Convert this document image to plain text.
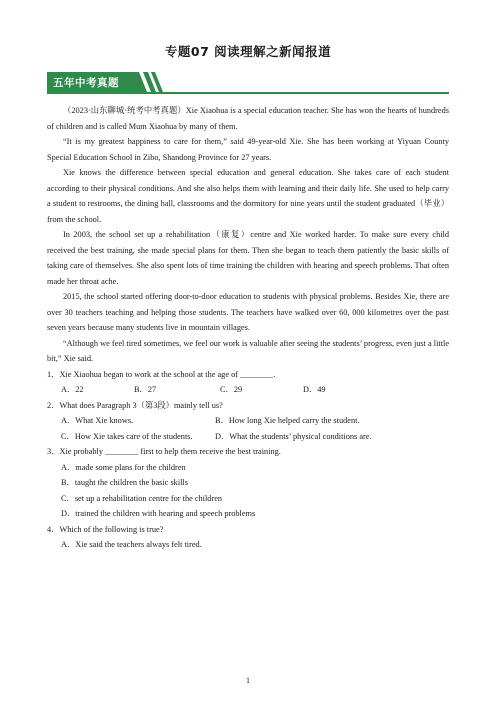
专题07 阅读理解之新闻报道
五年中考真题

（2023·山东聊城·统考中考真题）Xie Xiaohua is a special education teacher. She has won the hearts of hundreds of children and is called Mum Xiaohua by many of them.

“It is my greatest happiness to care for them,” said 49-year-old Xie. She has been working at Yiyuan County Special Education School in Zibo, Shandong Province for 27 years.

Xie knows the difference between special education and general education. She takes care of each student according to their physical conditions. And she also helps them with learning and their daily life. She used to help carry a student to restrooms, the dining hall, classrooms and the dormitory for nine years until the student graduated（毕业）from the school.

In 2003, the school set up a rehabilitation（康复）centre and Xie worked harder. To make sure every child received the best training, she made special plans for them. Then she began to teach them patiently the basic skills of taking care of themselves. She also spent lots of time training the children with hearing and speech problems. That often made her throat ache.

2015, the school started offering door-to-door education to students with physical problems. Besides Xie, there are over 30 teachers teaching and helping those students. The teachers have walked over 60, 000 kilometres over the past seven years because many students live in mountain villages.

“Although we feel tired sometimes, we feel our work is valuable after seeing the students’ progress, even just a little bit,” Xie said.

1．Xie Xiaohua began to work at the school at the age of ________.
A．22	B．27	C．29	D．49
2．What does Paragraph 3（第3段）mainly tell us?
A．What Xie knows.	B．How long Xie helped carry the student.
C．How Xie takes care of the students.	D．What the students’ physical conditions are.
3．Xie probably ________ first to help them receive the best training.
A．made some plans for the children
B．taught the children the basic skills
C．set up a rehabilitation centre for the children
D．trained the children with hearing and speech problems
4．Which of the following is true?
A．Xie said the teachers always felt tired.
1
